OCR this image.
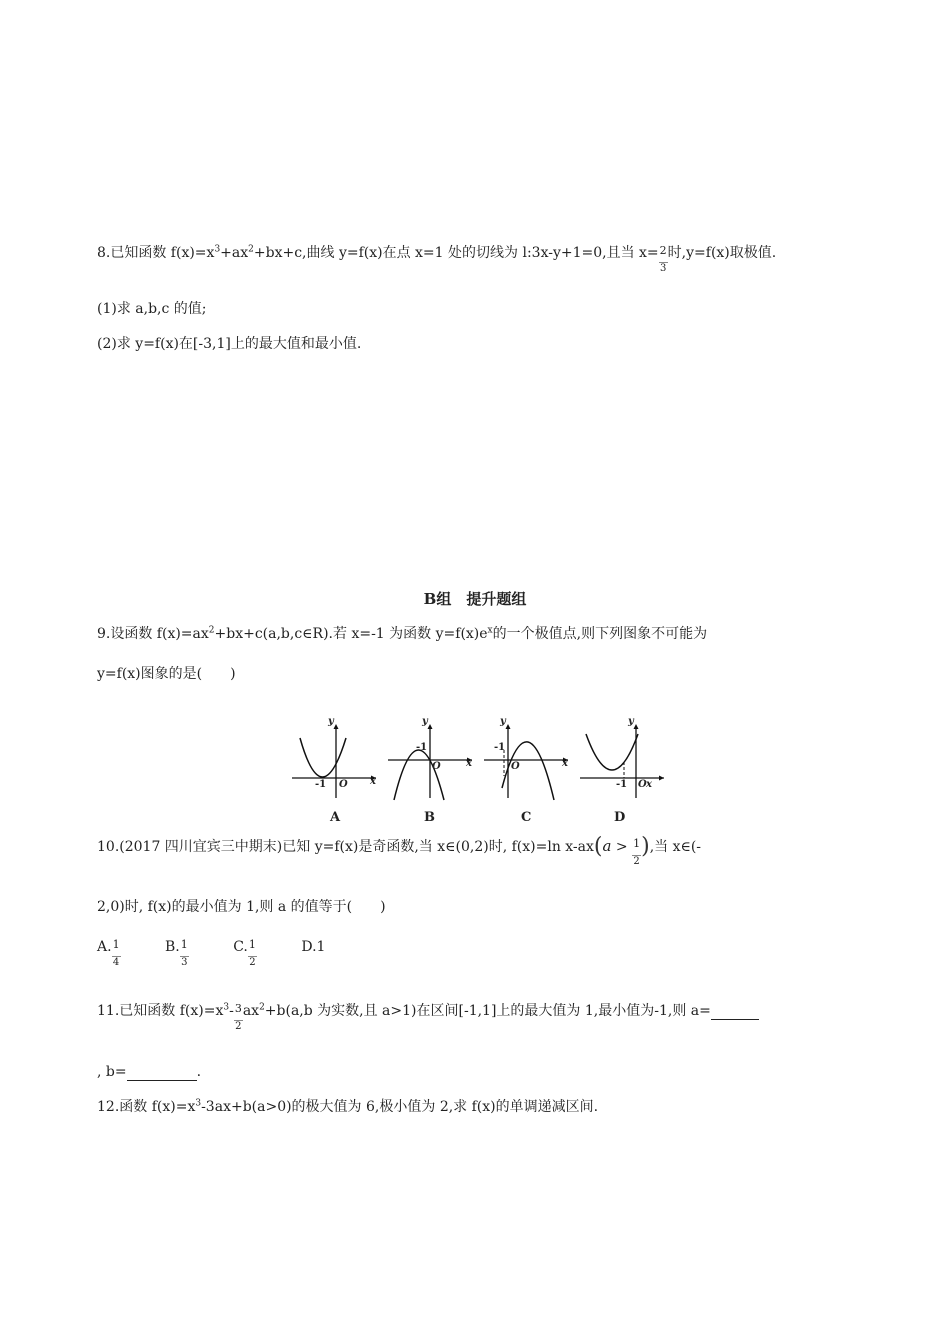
8.已知函数 $f(x)=x^3+ax^2+bx+c$,曲线 y=f(x)在点 x=1 处的切线为 l:3x-y+1=0,且当 $x= \frac{2}{3}$ 时,y=f(x)取极值.
(1)求 a,b,c 的值;
(2)求 y=f(x)在[-3,1]上的最大值和最小值.
B组　提升题组
9.设函数 $f(x)=ax^2+bx+c(a,b,c\in R)$.若 x=-1 为函数 $y=f(x)e^x$的一个极值点,则下列图象不可能为
y=f(x)图象的是(　　)
y
x
O
-1
A
y
x
O
-1
B
y
x
O
-1
C
y
x
O
-1
D
10.(2017 四川宜宾三中期末)已知 y=f(x)是奇函数,当 x∈(0,2)时, f(x)=ln $x-ax(a > \frac{1}{2}$ ),当 x∈(-
2,0)时, f(x)的最小值为 1,则 a 的值等于(　　)
A. $\frac{1}{4}$	B. $\frac{1}{3}$	C. $\frac{1}{2}$	D.1
11.已知函数 $f(x)=x^3- \frac{3}{2} ax^2+b(a,b$ 为实数,且 a>1)在区间[-1,1]上的最大值为 1,最小值为-1,则 a=
, b=	.
12.函数 $f(x)=x^3-3ax+b(a>0)$的极大值为 6,极小值为 2,求 f(x)的单调递减区间.
